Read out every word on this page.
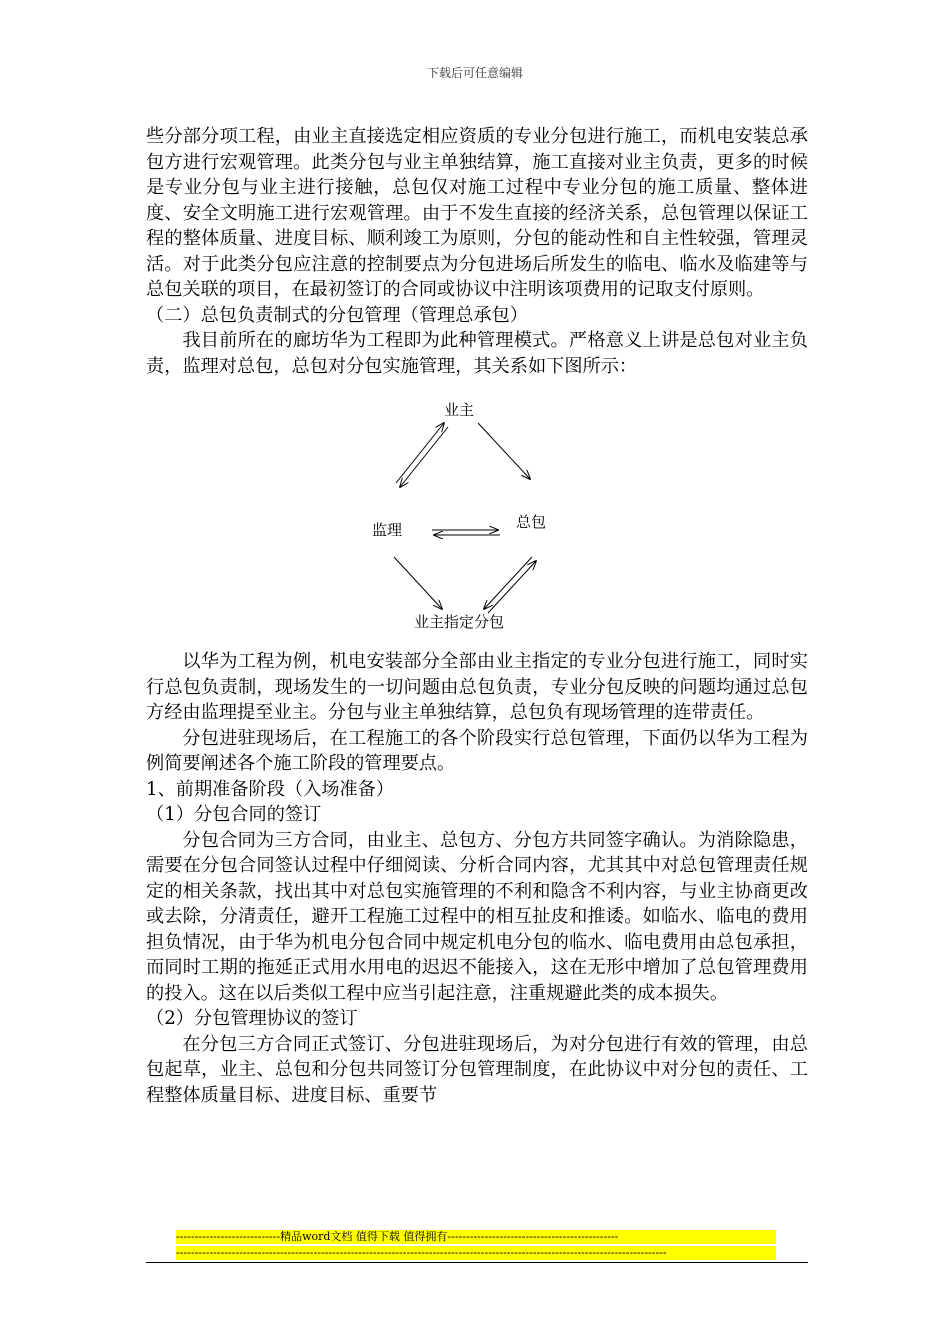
下载后可任意编辑

些分部分项工程，由业主直接选定相应资质的专业分包进行施工，而机电安装总承包方进行宏观管理。此类分包与业主单独结算，施工直接对业主负责，更多的时候是专业分包与业主进行接触，总包仅对施工过程中专业分包的施工质量、整体进度、安全文明施工进行宏观管理。由于不发生直接的经济关系，总包管理以保证工程的整体质量、进度目标、顺利竣工为原则，分包的能动性和自主性较强，管理灵活。对于此类分包应注意的控制要点为分包进场后所发生的临电、临水及临建等与总包关联的项目，在最初签订的合同或协议中注明该项费用的记取支付原则。

（二）总包负责制式的分包管理（管理总承包）

我目前所在的廊坊华为工程即为此种管理模式。严格意义上讲是总包对业主负责，监理对总包，总包对分包实施管理，其关系如下图所示：

业主
监理	总包
业主指定分包

以华为工程为例，机电安装部分全部由业主指定的专业分包进行施工，同时实行总包负责制，现场发生的一切问题由总包负责，专业分包反映的问题均通过总包方经由监理提至业主。分包与业主单独结算，总包负有现场管理的连带责任。

分包进驻现场后，在工程施工的各个阶段实行总包管理，下面仍以华为工程为例简要阐述各个施工阶段的管理要点。

1、前期准备阶段（入场准备）

（1）分包合同的签订

分包合同为三方合同，由业主、总包方、分包方共同签字确认。为消除隐患，需要在分包合同签认过程中仔细阅读、分析合同内容，尤其其中对总包管理责任规定的相关条款，找出其中对总包实施管理的不利和隐含不利内容，与业主协商更改或去除，分清责任，避开工程施工过程中的相互扯皮和推诿。如临水、临电的费用担负情况，由于华为机电分包合同中规定机电分包的临水、临电费用由总包承担，而同时工期的拖延正式用水用电的迟迟不能接入，这在无形中增加了总包管理费用的投入。这在以后类似工程中应当引起注意，注重规避此类的成本损失。

（2）分包管理协议的签订

在分包三方合同正式签订、分包进驻现场后，为对分包进行有效的管理，由总包起草，业主、总包和分包共同签订分包管理制度，在此协议中对分包的责任、工程整体质量目标、进度目标、重要节

----------------------------精品word文档 值得下载 值得拥有----------------------------------------------
------------------------------------------------------------------------------------------------------------------------------------
